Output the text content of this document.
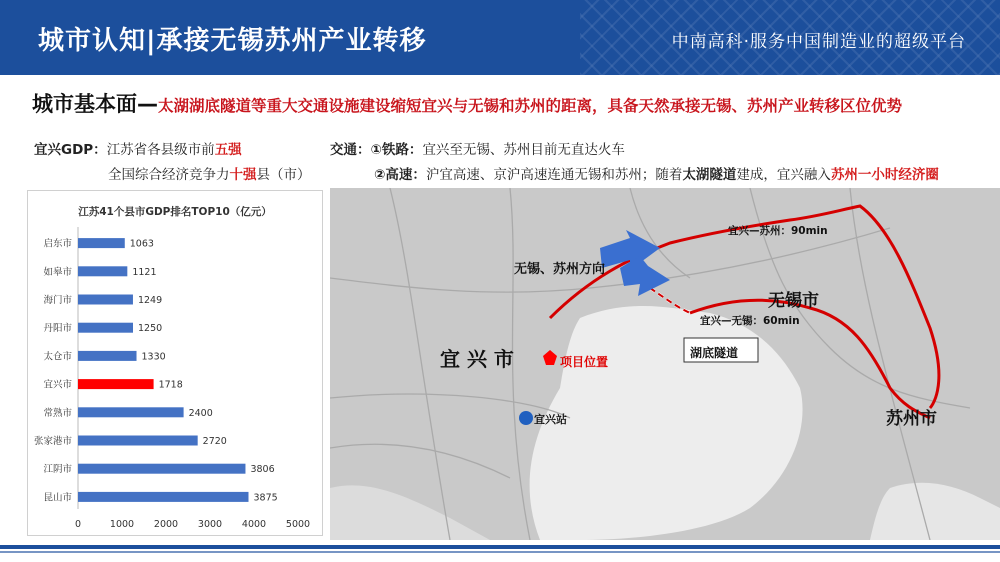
城市认知|承接无锡苏州产业转移	中南高科·服务中国制造业的超级平台
城市基本面—太湖湖底隧道等重大交通设施建设缩短宜兴与无锡和苏州的距离，具备天然承接无锡、苏州产业转移区位优势
宜兴GDP：江苏省各县级市前五强
全国综合经济竞争力十强县（市）
交通：①铁路：宜兴至无锡、苏州目前无直达火车
②高速：沪宜高速、京沪高速连通无锡和苏州；随着太湖隧道建成，宜兴融入苏州一小时经济圈
江苏41个县市GDP排名TOP10（亿元）
启东市	1063
如皋市	1121
海门市	1249
丹阳市	1250
太仓市	1330
宜兴市	1718
常熟市	2400
张家港市	2720
江阴市	3806
昆山市	3875
0	1000 2000 3000 4000 5000
无锡、苏州方向
宜 兴 市	项目位置
宜兴站
无锡市
苏州市
湖底隧道
宜兴—无锡：60min
宜兴—苏州：90min
